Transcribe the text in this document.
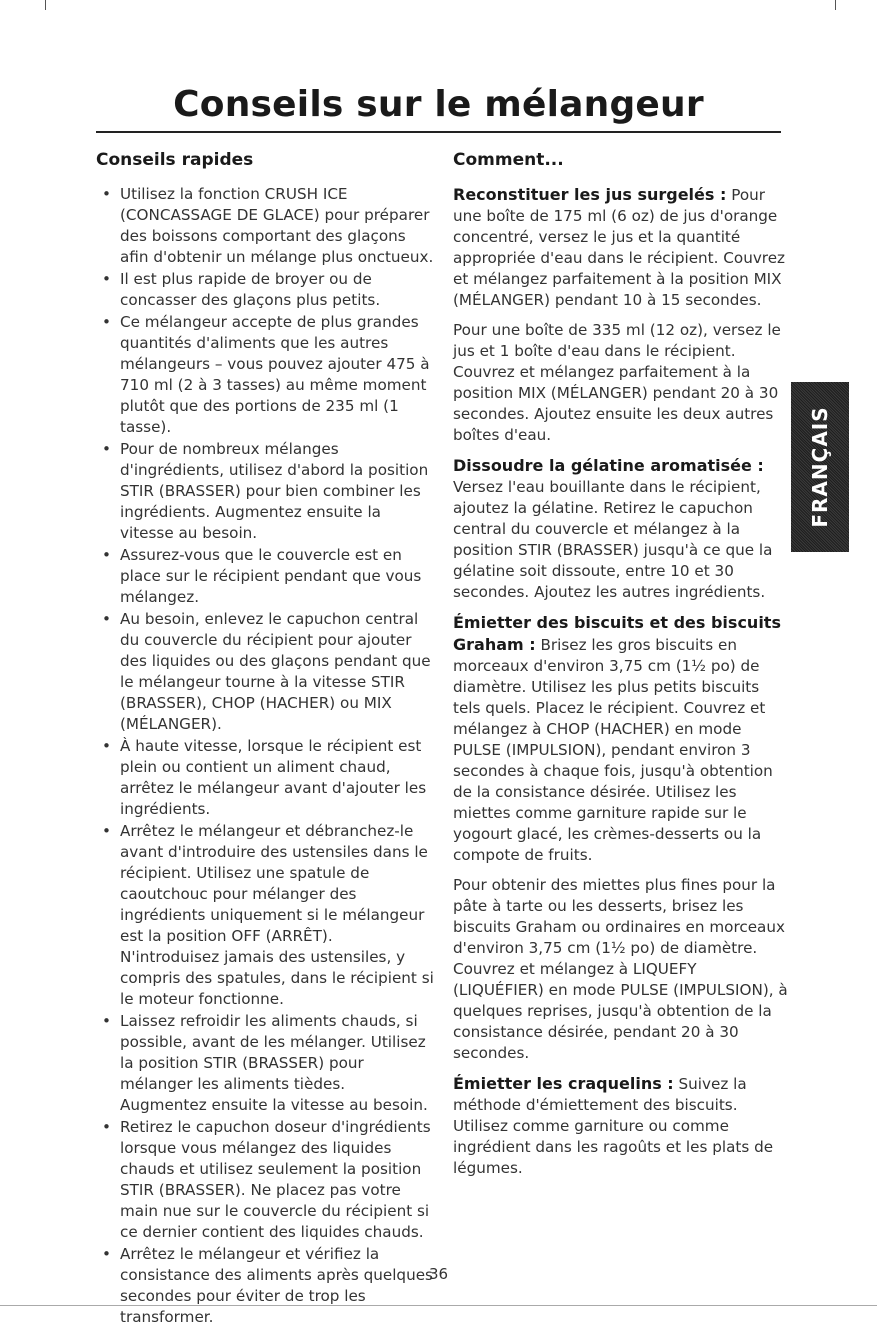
Conseils sur le mélangeur
Conseils rapides
• Utilisez la fonction CRUSH ICE (CONCASSAGE DE GLACE) pour préparer des boissons comportant des glaçons afin d'obtenir un mélange plus onctueux.
• Il est plus rapide de broyer ou de concasser des glaçons plus petits.
• Ce mélangeur accepte de plus grandes quantités d'aliments que les autres mélangeurs – vous pouvez ajouter 475 à 710 ml (2 à 3 tasses) au même moment plutôt que des portions de 235 ml (1 tasse).
• Pour de nombreux mélanges d'ingrédients, utilisez d'abord la position STIR (BRASSER) pour bien combiner les ingrédients. Augmentez ensuite la vitesse au besoin.
• Assurez-vous que le couvercle est en place sur le récipient pendant que vous mélangez.
• Au besoin, enlevez le capuchon central du couvercle du récipient pour ajouter des liquides ou des glaçons pendant que le mélangeur tourne à la vitesse STIR (BRASSER), CHOP (HACHER) ou MIX (MÉLANGER).
• À haute vitesse, lorsque le récipient est plein ou contient un aliment chaud, arrêtez le mélangeur avant d'ajouter les ingrédients.
• Arrêtez le mélangeur et débranchez-le avant d'introduire des ustensiles dans le récipient. Utilisez une spatule de caoutchouc pour mélanger des ingrédients uniquement si le mélangeur est la position OFF (ARRÊT). N'introduisez jamais des ustensiles, y compris des spatules, dans le récipient si le moteur fonctionne.
• Laissez refroidir les aliments chauds, si possible, avant de les mélanger. Utilisez la position STIR (BRASSER) pour mélanger les aliments tièdes. Augmentez ensuite la vitesse au besoin.
• Retirez le capuchon doseur d'ingrédients lorsque vous mélangez des liquides chauds et utilisez seulement la position STIR (BRASSER). Ne placez pas votre main nue sur le couvercle du récipient si ce dernier contient des liquides chauds.
• Arrêtez le mélangeur et vérifiez la consistance des aliments après quelques secondes pour éviter de trop les transformer.
Comment...

Reconstituer les jus surgelés : Pour une boîte de 175 ml (6 oz) de jus d'orange concentré, versez le jus et la quantité appropriée d'eau dans le récipient. Couvrez et mélangez parfaitement à la position MIX (MÉLANGER) pendant 10 à 15 secondes.

Pour une boîte de 335 ml (12 oz), versez le jus et 1 boîte d'eau dans le récipient. Couvrez et mélangez parfaitement à la position MIX (MÉLANGER) pendant 20 à 30 secondes. Ajoutez ensuite les deux autres boîtes d'eau.

Dissoudre la gélatine aromatisée : Versez l'eau bouillante dans le récipient, ajoutez la gélatine. Retirez le capuchon central du couvercle et mélangez à la position STIR (BRASSER) jusqu'à ce que la gélatine soit dissoute, entre 10 et 30 secondes. Ajoutez les autres ingrédients.

Émietter des biscuits et des biscuits Graham : Brisez les gros biscuits en morceaux d'environ 3,75 cm (1½ po) de diamètre. Utilisez les plus petits biscuits tels quels. Placez le récipient. Couvrez et mélangez à CHOP (HACHER) en mode PULSE (IMPULSION), pendant environ 3 secondes à chaque fois, jusqu'à obtention de la consistance désirée. Utilisez les miettes comme garniture rapide sur le yogourt glacé, les crèmes-desserts ou la compote de fruits.

Pour obtenir des miettes plus fines pour la pâte à tarte ou les desserts, brisez les biscuits Graham ou ordinaires en morceaux d'environ 3,75 cm (1½ po) de diamètre. Couvrez et mélangez à LIQUEFY (LIQUÉFIER) en mode PULSE (IMPULSION), à quelques reprises, jusqu'à obtention de la consistance désirée, pendant 20 à 30 secondes.

Émietter les craquelins : Suivez la méthode d'émiettement des biscuits. Utilisez comme garniture ou comme ingrédient dans les ragoûts et les plats de légumes.

FRANÇAIS
36
